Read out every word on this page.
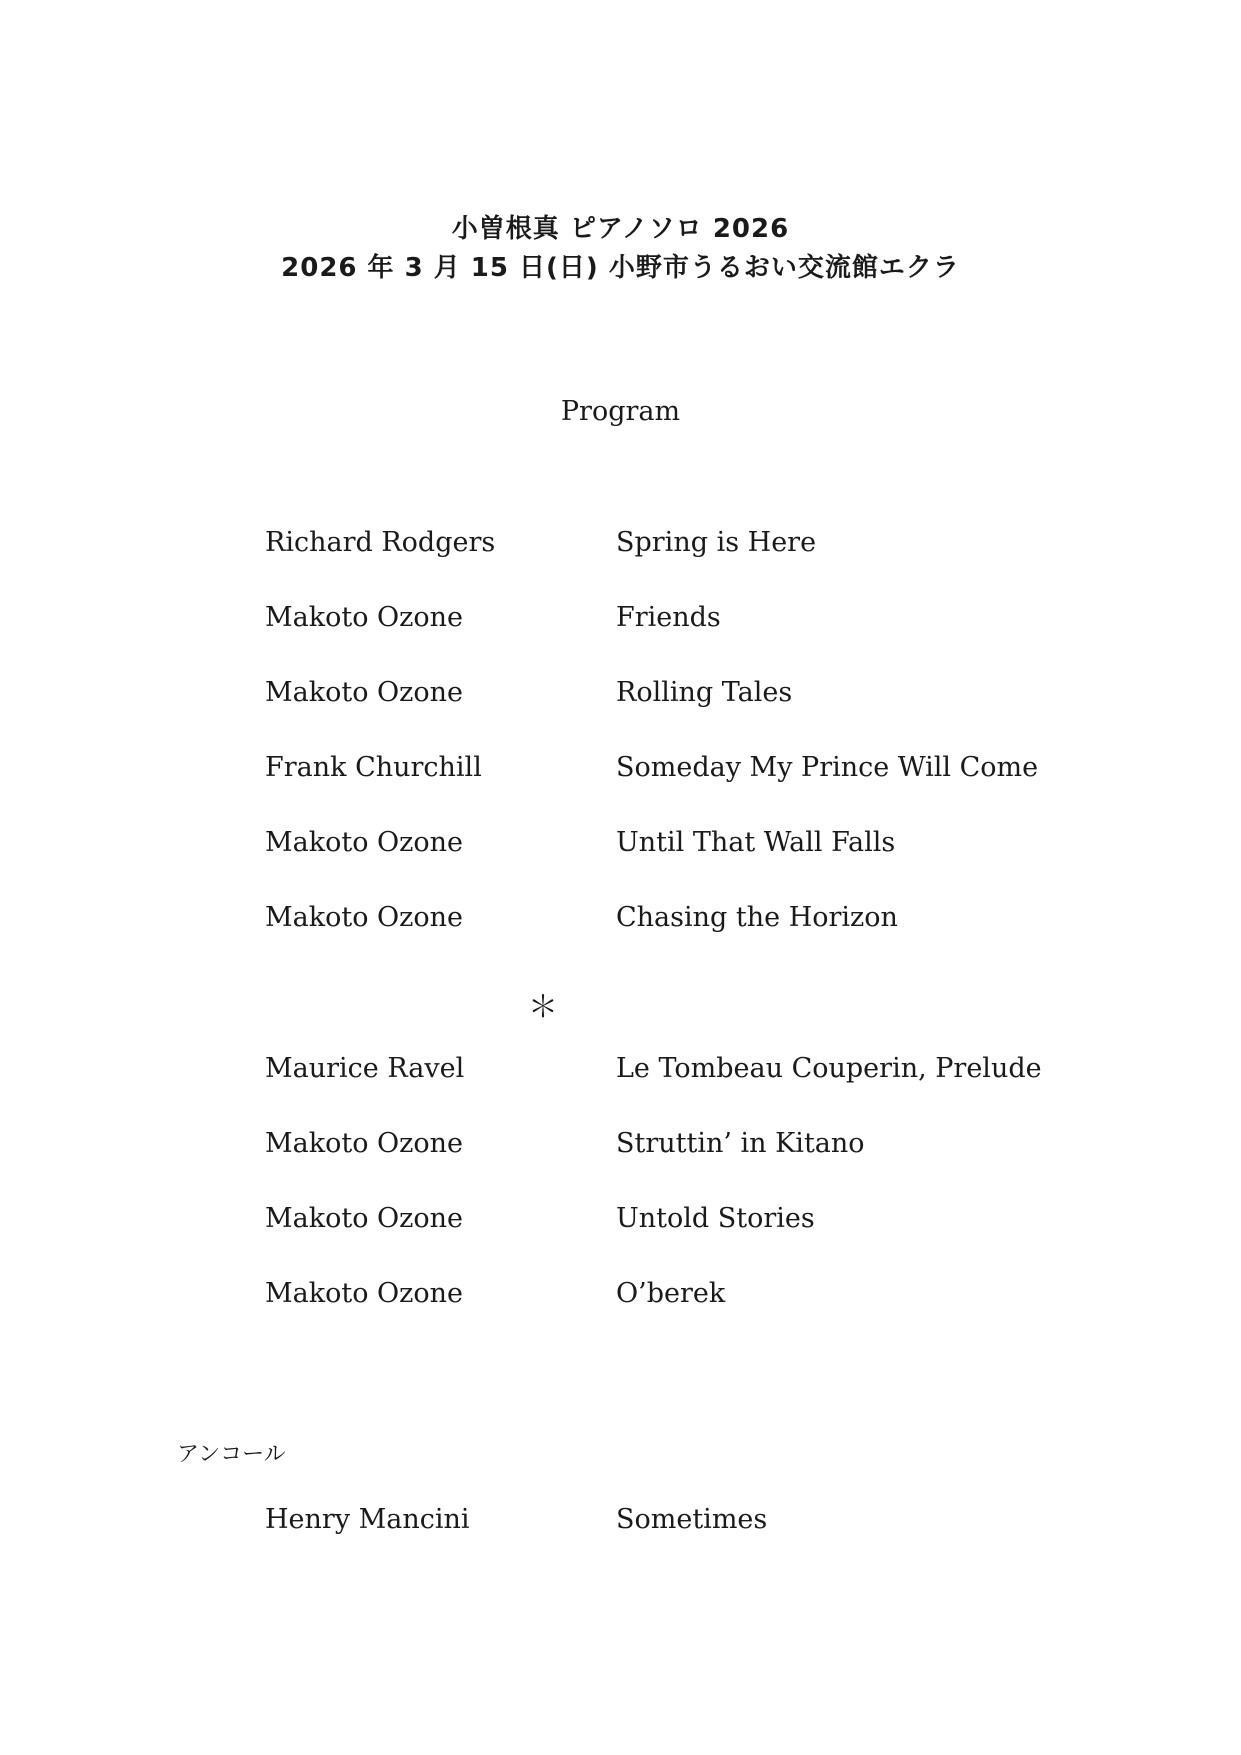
小曽根真 ピアノソロ 2026
2026 年 3 月 15 日(日) 小野市うるおい交流館エクラ
Program
Richard Rodgers	Spring is Here
Makoto Ozone	Friends
Makoto Ozone	Rolling Tales
Frank Churchill	Someday My Prince Will Come
Makoto Ozone	Until That Wall Falls
Makoto Ozone	Chasing the Horizon
＊
Maurice Ravel	Le Tombeau Couperin, Prelude
Makoto Ozone	Struttin’ in Kitano
Makoto Ozone	Untold Stories
Makoto Ozone	O’berek
アンコール
Henry Mancini	Sometimes
